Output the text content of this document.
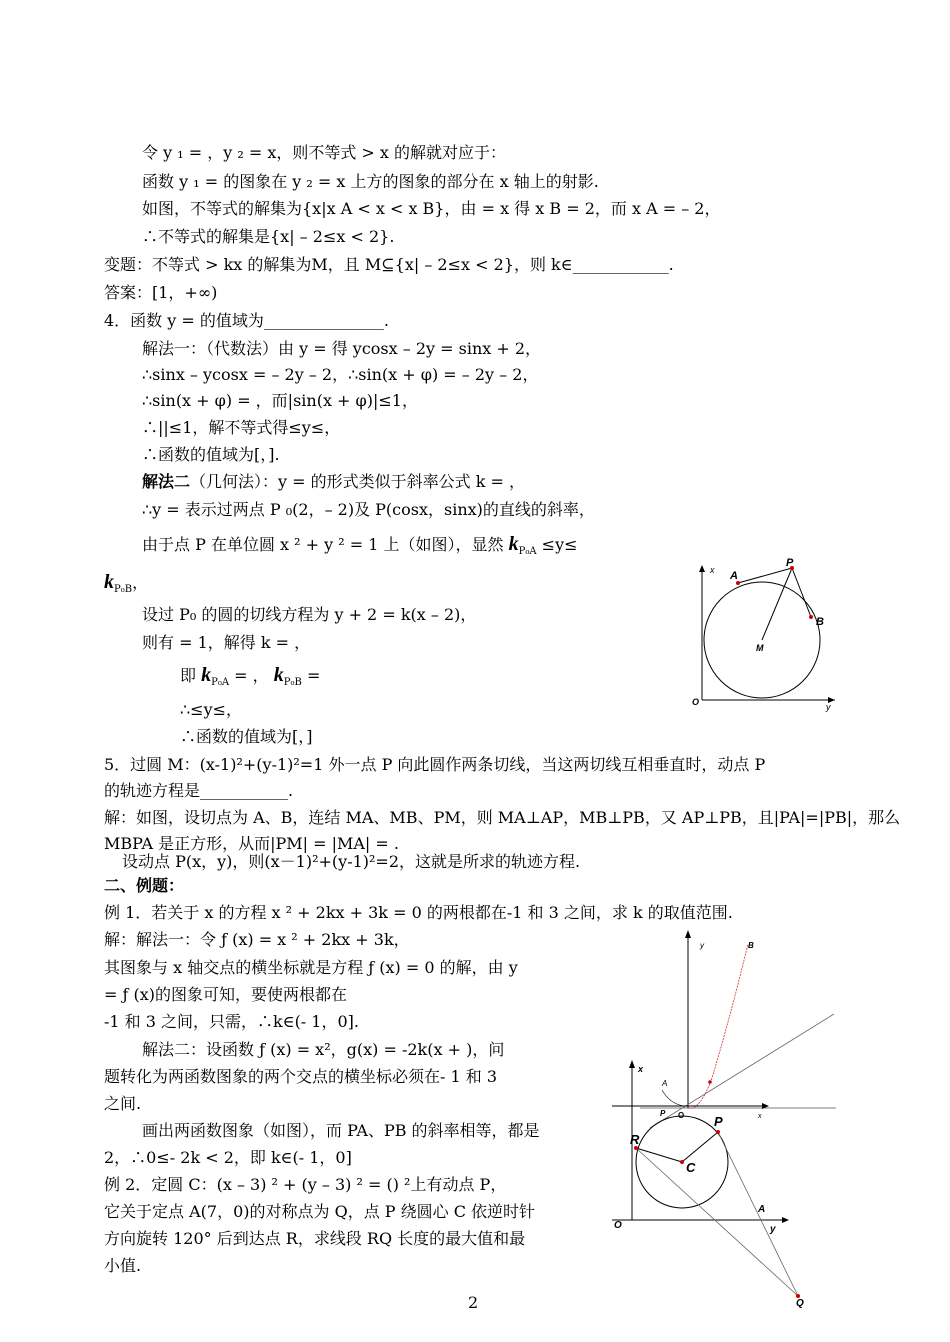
令 y ₁ = ，y ₂ = x，则不等式 > x 的解就对应于：
函数 y ₁ = 的图象在 y ₂ = x 上方的图象的部分在 x 轴上的射影.
如图，不等式的解集为{x|x A < x < x B}，由 = x 得 x B = 2，而 x A = – 2，
∴不等式的解集是{x| – 2≤x < 2}.
变题：不等式 > kx 的解集为M，且 M⊆{x| – 2≤x < 2}，则 k∈____________.
答案：[1，+∞)
4．函数 y = 的值域为_______________.
解法一：（代数法）由 y = 得 ycosx – 2y = sinx + 2，
∴sinx – ycosx = – 2y – 2，∴sin(x + φ) = – 2y – 2，
∴sin(x + φ) = ，而|sin(x + φ)|≤1，
∴||≤1，解不等式得≤y≤，
∴函数的值域为[，].
解法二（几何法）：y = 的形式类似于斜率公式 k = ，
∴y = 表示过两点 P ₀(2，– 2)及 P(cosx，sinx)的直线的斜率，
由于点 P 在单位圆 x ² + y ² = 1 上（如图），显然 $k_{P_0A} \le y\le$
$k_{P_0B}$，
设过 P₀ 的圆的切线方程为 y + 2 = k(x – 2)，
则有 = 1，解得 k = ，
即 $k_{P_0A}$ = ， $k_{P_0B}$ =
∴≤y≤，
∴函数的值域为[，]
5．过圆 M：(x-1)²+(y-1)²=1 外一点 P 向此圆作两条切线，当这两切线互相垂直时，动点 P
的轨迹方程是___________.
解：如图，设切点为 A、B，连结 MA、MB、PM，则 MA⊥AP，MB⊥PB，又 AP⊥PB，且|PA|=|PB|，那么
MBPA 是正方形，从而|PM| = |MA| = .
设动点 P(x，y)，则(x－1)²+(y-1)²=2，这就是所求的轨迹方程.
二、例题：
例 1．若关于 x 的方程 x ² + 2kx + 3k = 0 的两根都在-1 和 3 之间，求 k 的取值范围.
解：解法一：令 ƒ (x) = x ² + 2kx + 3k，
其图象与 x 轴交点的横坐标就是方程 ƒ (x) = 0 的解，由 y
= ƒ (x)的图象可知，要使两根都在
-1 和 3 之间，只需，∴k∈(- 1，0].
解法二：设函数 ƒ (x) = x²，g(x) = -2k(x + )，问
题转化为两函数图象的两个交点的横坐标必须在- 1 和 3
之间.
画出两函数图象（如图），而 PA、PB 的斜率相等，都是
2，∴0≤- 2k < 2，即 k∈(- 1，0]
例 2．定圆 C：(x – 3) ² + (y – 3) ² = () ²上有动点 P，
它关于定点 A(7，0)的对称点为 Q，点 P 绕圆心 C 依逆时针
方向旋转 120° 后到达点 R，求线段 RQ 长度的最大值和最
小值.
2
x
y
O
A
P
B
M
y	B
x
A
P O	x
P
R
C
O
A
y
Q
